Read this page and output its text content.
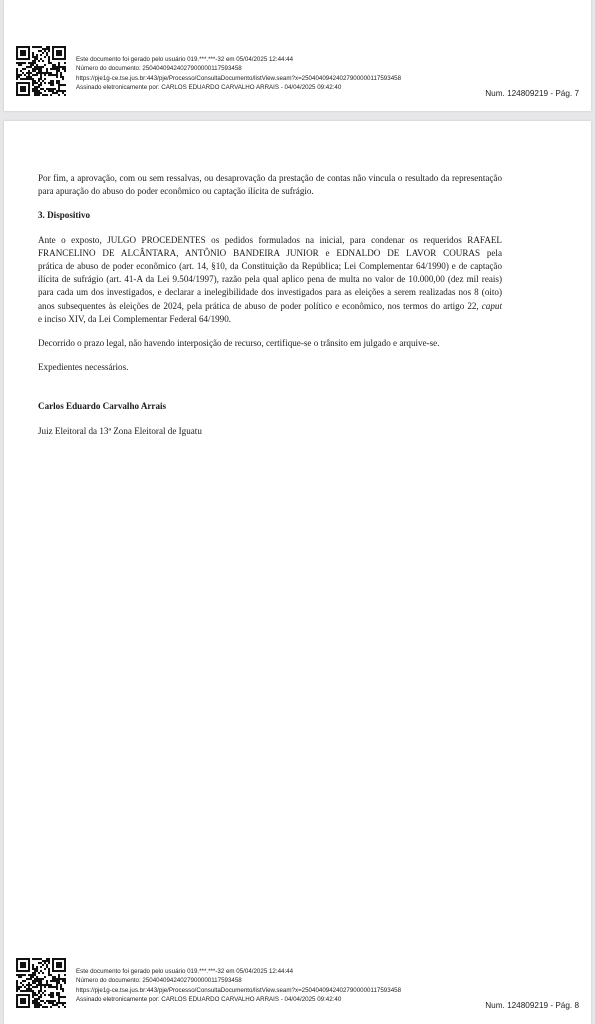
Este documento foi gerado pelo usuário 019.***.***-32 em 05/04/2025 12:44:44
Número do documento: 25040409424027900000117593458
https://pje1g-ce.tse.jus.br:443/pje/Processo/ConsultaDocumento/listView.seam?x=25040409424027900000117593458
Assinado eletronicamente por: CARLOS EDUARDO CARVALHO ARRAIS - 04/04/2025 09:42:40
Num. 124809219 - Pág. 7

Por fim, a aprovação, com ou sem ressalvas, ou desaprovação da prestação de contas não vincula o resultado da representação para apuração do abuso do poder econômico ou captação ilícita de sufrágio.

3. Dispositivo

Ante o exposto, JULGO PROCEDENTES os pedidos formulados na inicial, para condenar os requeridos RAFAEL

FRANCELINO DE ALCÂNTARA, ANTÔNIO BANDEIRA JUNIOR e EDNALDO DE LAVOR COURAS pela

prática de abuso de poder econômico (art. 14, §10, da Constituição da República; Lei Complementar 64/1990) e de captação

ilícita de sufrágio (art. 41-A da Lei 9.504/1997), razão pela qual aplico pena de multa no valor de 10.000,00 (dez mil reais)

para cada um dos investigados, e declarar a inelegibilidade dos investigados para as eleições a serem realizadas nos 8 (oito)

anos subsequentes às eleições de 2024, pela prática de abuso de poder político e econômico, nos termos do artigo 22, caput

e inciso XIV, da Lei Complementar Federal 64/1990.

Decorrido o prazo legal, não havendo interposição de recurso, certifique-se o trânsito em julgado e arquive-se.

Expedientes necessários.

Carlos Eduardo Carvalho Arrais

Juiz Eleitoral da 13ª Zona Eleitoral de Iguatu

Este documento foi gerado pelo usuário 019.***.***-32 em 05/04/2025 12:44:44
Número do documento: 25040409424027900000117593458
https://pje1g-ce.tse.jus.br:443/pje/Processo/ConsultaDocumento/listView.seam?x=25040409424027900000117593458
Assinado eletronicamente por: CARLOS EDUARDO CARVALHO ARRAIS - 04/04/2025 09:42:40
Num. 124809219 - Pág. 8
